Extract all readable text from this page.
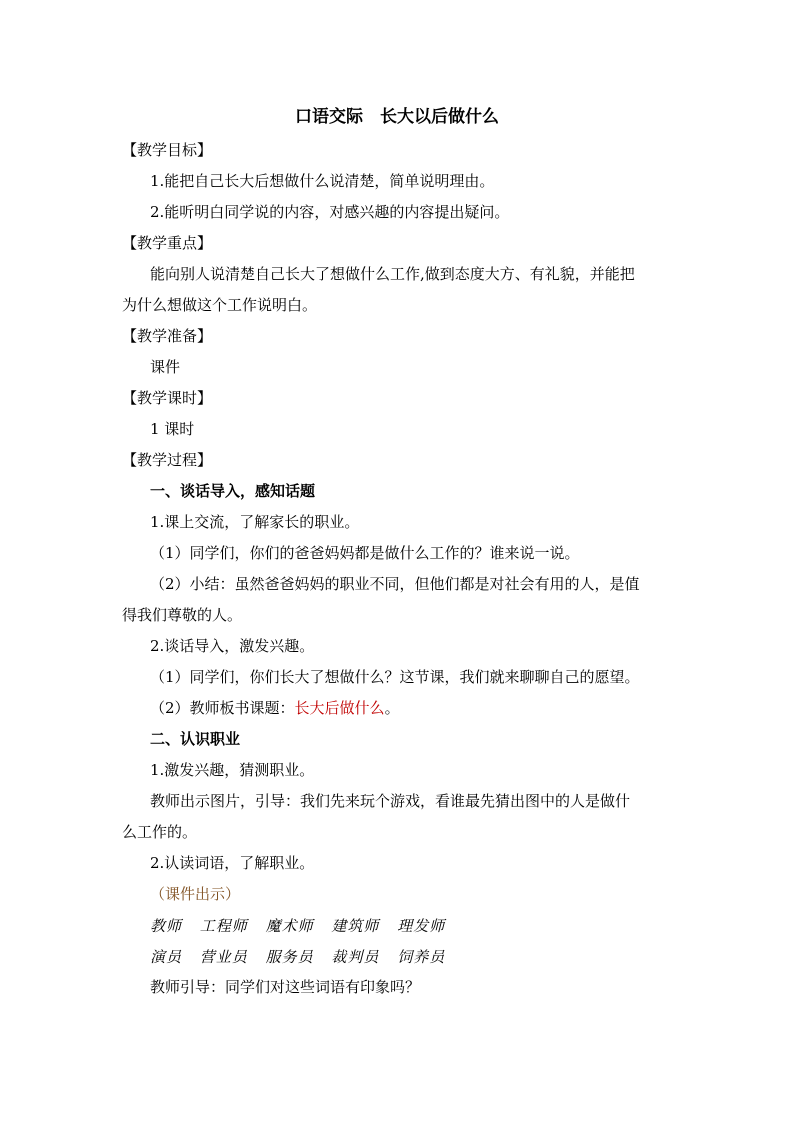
口语交际　长大以后做什么
【教学目标】
1.能把自己长大后想做什么说清楚，简单说明理由。
2.能听明白同学说的内容，对感兴趣的内容提出疑问。
【教学重点】
能向别人说清楚自己长大了想做什么工作,做到态度大方、有礼貌，并能把
为什么想做这个工作说明白。
【教学准备】
课件
【教学课时】
1 课时
【教学过程】
一、谈话导入，感知话题
1.课上交流，了解家长的职业。
（1）同学们，你们的爸爸妈妈都是做什么工作的？谁来说一说。
（2）小结：虽然爸爸妈妈的职业不同，但他们都是对社会有用的人，是值
得我们尊敬的人。
2.谈话导入，激发兴趣。
（1）同学们，你们长大了想做什么？这节课，我们就来聊聊自己的愿望。
（2）教师板书课题：长大后做什么。
二、认识职业
1.激发兴趣，猜测职业。
教师出示图片，引导：我们先来玩个游戏，看谁最先猜出图中的人是做什
么工作的。
2.认读词语，了解职业。
（课件出示）
教师 工程师 魔术师 建筑师 理发师
演员 营业员 服务员 裁判员 饲养员
教师引导：同学们对这些词语有印象吗？
